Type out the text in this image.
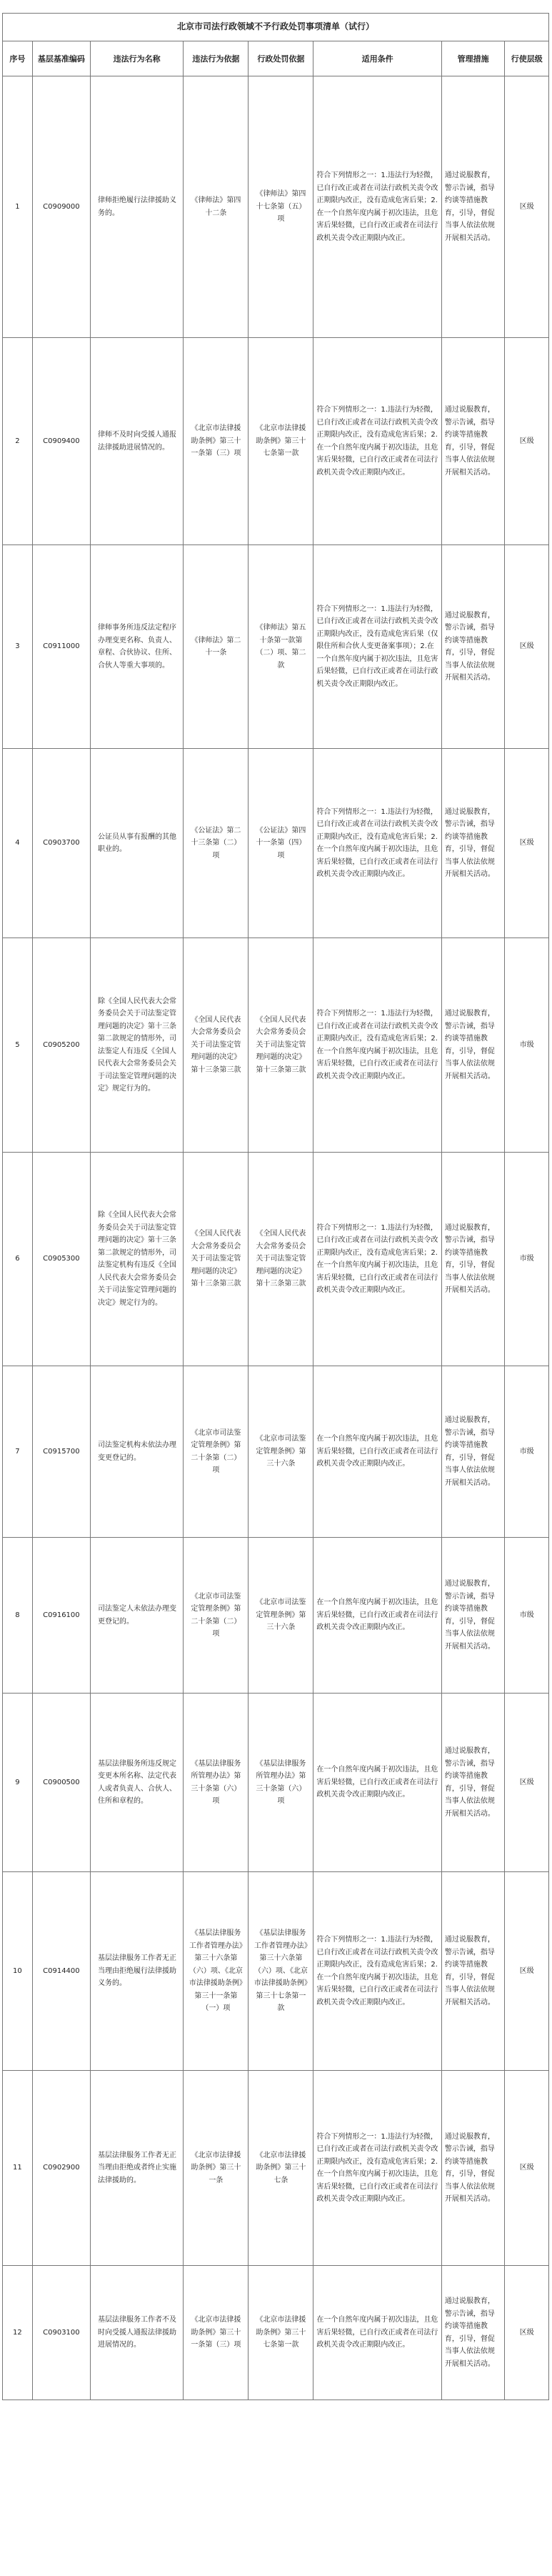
北京市司法行政领域不予行政处罚事项清单（试行）							
序号	基层基准编码	违法行为名称	违法行为依据	行政处罚依据	适用条件	管理措施	行使层级
1	C0909000	律师拒绝履行法律援助义务的。	《律师法》第四十二条	《律师法》第四十七条第（五）项	符合下列情形之一：1.违法行为轻微，已自行改正或者在司法行政机关责令改正期限内改正，没有造成危害后果；2.在一个自然年度内属于初次违法，且危害后果轻微，已自行改正或者在司法行政机关责令改正期限内改正。	通过说服教育，警示告诫，指导约谈等措施教育，引导，督促当事人依法依规开展相关活动。	区级
2	C0909400	律师不及时向受援人通报法律援助进展情况的。	《北京市法律援助条例》第三十一条第（三）项	《北京市法律援助条例》第三十七条第一款	符合下列情形之一：1.违法行为轻微，已自行改正或者在司法行政机关责令改正期限内改正，没有造成危害后果；2.在一个自然年度内属于初次违法，且危害后果轻微，已自行改正或者在司法行政机关责令改正期限内改正。	通过说服教育，警示告诫，指导约谈等措施教育，引导，督促当事人依法依规开展相关活动。	区级
3	C0911000	律师事务所违反法定程序办理变更名称、负责人、章程、合伙协议、住所、合伙人等重大事项的。	《律师法》第二十一条	《律师法》第五十条第一款第（二）项、第二款	符合下列情形之一：1.违法行为轻微，已自行改正或者在司法行政机关责令改正期限内改正，没有造成危害后果（仅限住所和合伙人变更备案事项）；2.在一个自然年度内属于初次违法，且危害后果轻微，已自行改正或者在司法行政机关责令改正期限内改正。	通过说服教育，警示告诫，指导约谈等措施教育，引导，督促当事人依法依规开展相关活动。	区级
4	C0903700	公证员从事有报酬的其他职业的。	《公证法》第二十三条第（二）项	《公证法》第四十一条第（四）项	符合下列情形之一：1.违法行为轻微，已自行改正或者在司法行政机关责令改正期限内改正，没有造成危害后果；2.在一个自然年度内属于初次违法，且危害后果轻微，已自行改正或者在司法行政机关责令改正期限内改正。	通过说服教育，警示告诫，指导约谈等措施教育，引导，督促当事人依法依规开展相关活动。	区级
5	C0905200	除《全国人民代表大会常务委员会关于司法鉴定管理问题的决定》第十三条第二款规定的情形外，司法鉴定人有违反《全国人民代表大会常务委员会关于司法鉴定管理问题的决定》规定行为的。	《全国人民代表大会常务委员会关于司法鉴定管理问题的决定》第十三条第三款	《全国人民代表大会常务委员会关于司法鉴定管理问题的决定》第十三条第三款	符合下列情形之一：1.违法行为轻微，已自行改正或者在司法行政机关责令改正期限内改正，没有造成危害后果；2.在一个自然年度内属于初次违法，且危害后果轻微，已自行改正或者在司法行政机关责令改正期限内改正。	通过说服教育，警示告诫，指导约谈等措施教育，引导，督促当事人依法依规开展相关活动。	市级
6	C0905300	除《全国人民代表大会常务委员会关于司法鉴定管理问题的决定》第十三条第二款规定的情形外，司法鉴定机构有违反《全国人民代表大会常务委员会关于司法鉴定管理问题的决定》规定行为的。	《全国人民代表大会常务委员会关于司法鉴定管理问题的决定》第十三条第三款	《全国人民代表大会常务委员会关于司法鉴定管理问题的决定》第十三条第三款	符合下列情形之一：1.违法行为轻微，已自行改正或者在司法行政机关责令改正期限内改正，没有造成危害后果；2.在一个自然年度内属于初次违法，且危害后果轻微，已自行改正或者在司法行政机关责令改正期限内改正。	通过说服教育，警示告诫，指导约谈等措施教育，引导，督促当事人依法依规开展相关活动。	市级
7	C0915700	司法鉴定机构未依法办理变更登记的。	《北京市司法鉴定管理条例》第二十条第（二）项	《北京市司法鉴定管理条例》第三十六条	在一个自然年度内属于初次违法，且危害后果轻微，已自行改正或者在司法行政机关责令改正期限内改正。	通过说服教育，警示告诫，指导约谈等措施教育，引导，督促当事人依法依规开展相关活动。	市级
8	C0916100	司法鉴定人未依法办理变更登记的。	《北京市司法鉴定管理条例》第二十条第（二）项	《北京市司法鉴定管理条例》第三十六条	在一个自然年度内属于初次违法，且危害后果轻微，已自行改正或者在司法行政机关责令改正期限内改正。	通过说服教育，警示告诫，指导约谈等措施教育，引导，督促当事人依法依规开展相关活动。	市级
9	C0900500	基层法律服务所违反规定变更本所名称、法定代表人或者负责人、合伙人、住所和章程的。	《基层法律服务所管理办法》第三十条第（六）项	《基层法律服务所管理办法》第三十条第（六）项	在一个自然年度内属于初次违法，且危害后果轻微，已自行改正或者在司法行政机关责令改正期限内改正。	通过说服教育，警示告诫，指导约谈等措施教育，引导，督促当事人依法依规开展相关活动。	区级
10	C0914400	基层法律服务工作者无正当理由拒绝履行法律援助义务的。	《基层法律服务工作者管理办法》第三十六条第（六）项、《北京市法律援助条例》第三十一条第（一）项	《基层法律服务工作者管理办法》第三十六条第（六）项、《北京市法律援助条例》第三十七条第一款	符合下列情形之一：1.违法行为轻微，已自行改正或者在司法行政机关责令改正期限内改正，没有造成危害后果；2.在一个自然年度内属于初次违法，且危害后果轻微，已自行改正或者在司法行政机关责令改正期限内改正。	通过说服教育，警示告诫，指导约谈等措施教育，引导，督促当事人依法依规开展相关活动。	区级
11	C0902900	基层法律服务工作者无正当理由拒绝或者终止实施法律援助的。	《北京市法律援助条例》第三十一条	《北京市法律援助条例》第三十七条	符合下列情形之一：1.违法行为轻微，已自行改正或者在司法行政机关责令改正期限内改正，没有造成危害后果；2.在一个自然年度内属于初次违法，且危害后果轻微，已自行改正或者在司法行政机关责令改正期限内改正。	通过说服教育，警示告诫，指导约谈等措施教育，引导，督促当事人依法依规开展相关活动。	区级
12	C0903100	基层法律服务工作者不及时向受援人通报法律援助进展情况的。	《北京市法律援助条例》第三十一条第（三）项	《北京市法律援助条例》第三十七条第一款	在一个自然年度内属于初次违法，且危害后果轻微，已自行改正或者在司法行政机关责令改正期限内改正。	通过说服教育，警示告诫，指导约谈等措施教育，引导，督促当事人依法依规开展相关活动。	区级
